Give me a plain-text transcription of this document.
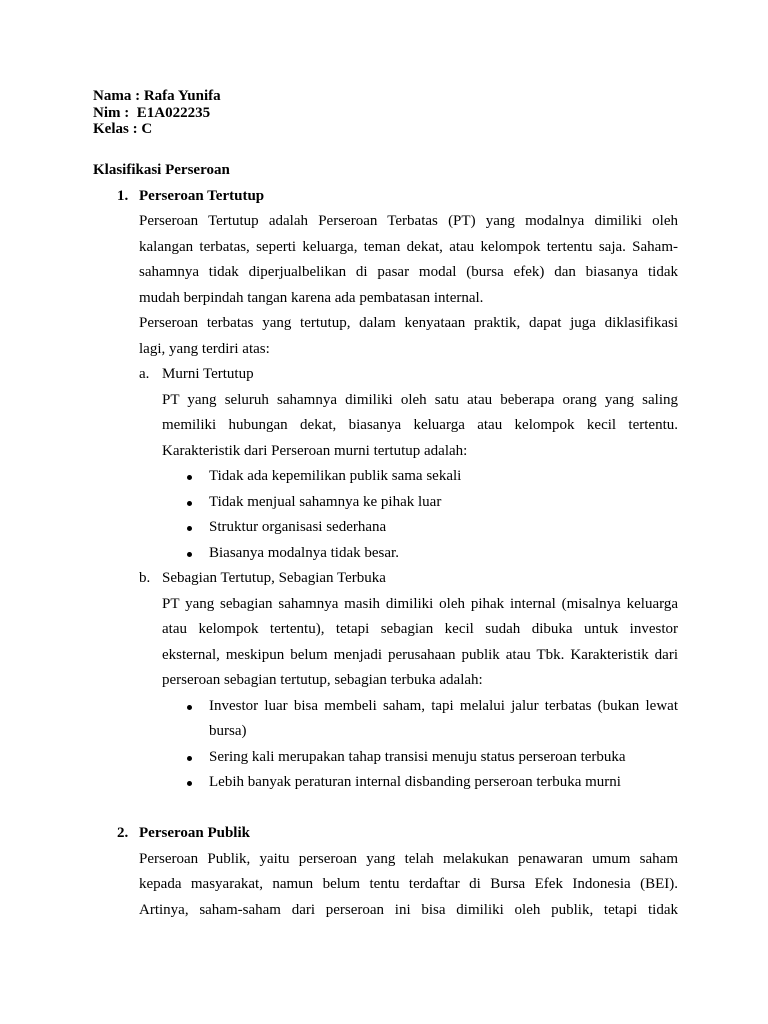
Nama : Rafa Yunifa
Nim :  E1A022235
Kelas : C
Klasifikasi Perseroan
1. Perseroan Tertutup
Perseroan Tertutup adalah Perseroan Terbatas (PT) yang modalnya dimiliki oleh
kalangan terbatas, seperti keluarga, teman dekat, atau kelompok tertentu saja. Saham-
sahamnya tidak diperjualbelikan di pasar modal (bursa efek) dan biasanya tidak
mudah berpindah tangan karena ada pembatasan internal.
Perseroan terbatas yang tertutup, dalam kenyataan praktik, dapat juga diklasifikasi
lagi, yang terdiri atas:
a. Murni Tertutup
PT yang seluruh sahamnya dimiliki oleh satu atau beberapa orang yang saling
memiliki hubungan dekat, biasanya keluarga atau kelompok kecil tertentu.
Karakteristik dari Perseroan murni tertutup adalah:
Tidak ada kepemilikan publik sama sekali
Tidak menjual sahamnya ke pihak luar
Struktur organisasi sederhana
Biasanya modalnya tidak besar.
b. Sebagian Tertutup, Sebagian Terbuka
PT yang sebagian sahamnya masih dimiliki oleh pihak internal (misalnya keluarga
atau kelompok tertentu), tetapi sebagian kecil sudah dibuka untuk investor
eksternal, meskipun belum menjadi perusahaan publik atau Tbk. Karakteristik dari
perseroan sebagian tertutup, sebagian terbuka adalah:
Investor luar bisa membeli saham, tapi melalui jalur terbatas (bukan lewat
bursa)
Sering kali merupakan tahap transisi menuju status perseroan terbuka
Lebih banyak peraturan internal disbanding perseroan terbuka murni
2. Perseroan Publik
Perseroan Publik, yaitu perseroan yang telah melakukan penawaran umum saham
kepada masyarakat, namun belum tentu terdaftar di Bursa Efek Indonesia (BEI).
Artinya, saham-saham dari perseroan ini bisa dimiliki oleh publik, tetapi tidak
